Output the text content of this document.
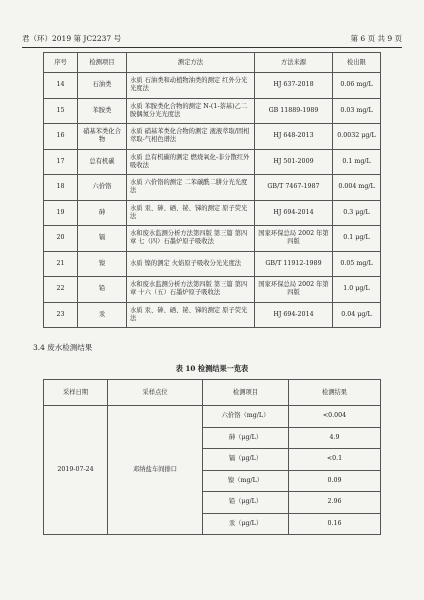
君（环）2019 第 JC2237 号	第 6 页 共 9 页
序号	检测项目	测定方法	方法来源	检出限
14	石油类	水质 石油类和动植物油类的测定 红外分光光度法	HJ 637-2018	0.06 mg/L
15	苯胺类	水质 苯胺类化合物的测定 N-(1-萘基)乙二胺偶氮分光光度法	GB 11889-1989	0.03 mg/L
16	硝基苯类化合物	水质 硝基苯类化合物的测定 液液萃取/固相萃取-气相色谱法	HJ 648-2013	0.0032 μg/L
17	总有机碳	水质 总有机碳的测定 燃烧氧化-非分散红外吸收法	HJ 501-2009	0.1 mg/L
18	六价铬	水质 六价铬的测定 二苯碳酰二肼分光光度法	GB/T 7467-1987	0.004 mg/L
19	砷	水质 汞、砷、硒、铋、锑的测定 原子荧光法	HJ 694-2014	0.3 μg/L
20	镉	水和废水监测分析方法第四版 第三篇 第四章 七（四）石墨炉原子吸收法	国家环保总局 2002 年第四版	0.1 μg/L
21	镍	水质 镍的测定 火焰原子吸收分光光度法	GB/T 11912-1989	0.05 mg/L
22	铅	水和废水监测分析方法第四版 第三篇 第四章 十六（五）石墨炉原子吸收法	国家环保总局 2002 年第四版	1.0 μg/L
23	汞	水质 汞、砷、硒、铋、锑的测定 原子荧光法	HJ 694-2014	0.04 μg/L
3.4 废水检测结果
表 10 检测结果一览表
采样日期	采样点位	检测项目	检测结果
2019-07-24	邓纳盐车间排口	六价铬（mg/L）	<0.004
		砷（μg/L）	4.9
		镉（μg/L）	<0.1
		镍（mg/L）	0.09
		铅（μg/L）	2.96
		汞（μg/L）	0.16
